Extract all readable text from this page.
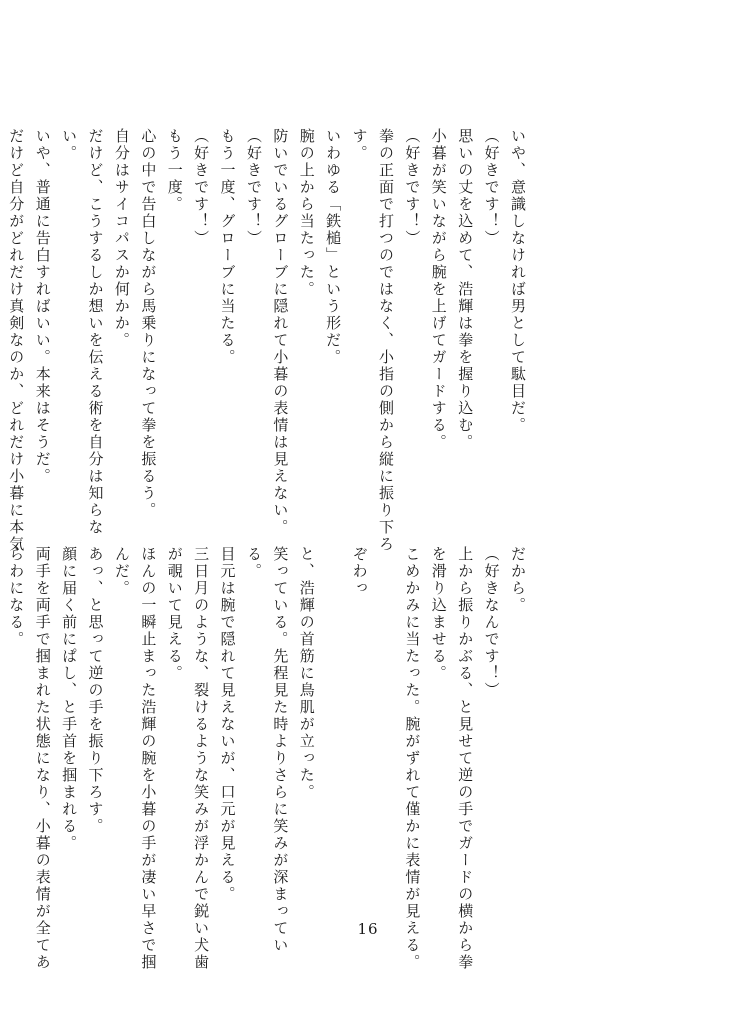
いや、意識しなければ男として駄目だ。
（好きです！）
思いの丈を込めて、浩輝は拳を握り込む。
小暮が笑いながら腕を上げてガードする。
（好きです！）
拳の正面で打つのではなく、小指の側から縦に振り下ろ
す。
いわゆる「鉄槌」という形だ。
腕の上から当たった。
防いでいるグローブに隠れて小暮の表情は見えない。
（好きです！）
もう一度、グローブに当たる。
（好きです！）
もう一度。
心の中で告白しながら馬乗りになって拳を振るう。
自分はサイコパスか何かか。
だけど、こうするしか想いを伝える術を自分は知らな
い。
いや、普通に告白すればいい。本来はそうだ。
だけど自分がどれだけ真剣なのか、どれだけ小暮に本気
だから。
（好きなんです！）
上から振りかぶる、と見せて逆の手でガードの横から拳
を滑り込ませる。
こめかみに当たった。腕がずれて僅かに表情が見える。
ぞわっ
と、浩輝の首筋に鳥肌が立った。
笑っている。先程見た時よりさらに笑みが深まってい
る。
目元は腕で隠れて見えないが、口元が見える。
三日月のような、裂けるような笑みが浮かんで鋭い犬歯
が覗いて見える。
ほんの一瞬止まった浩輝の腕を小暮の手が凄い早さで掴
んだ。
あっ、と思って逆の手を振り下ろす。
顔に届く前にぱし、と手首を掴まれる。
両手を両手で掴まれた状態になり、小暮の表情が全てあ
らわになる。
16
